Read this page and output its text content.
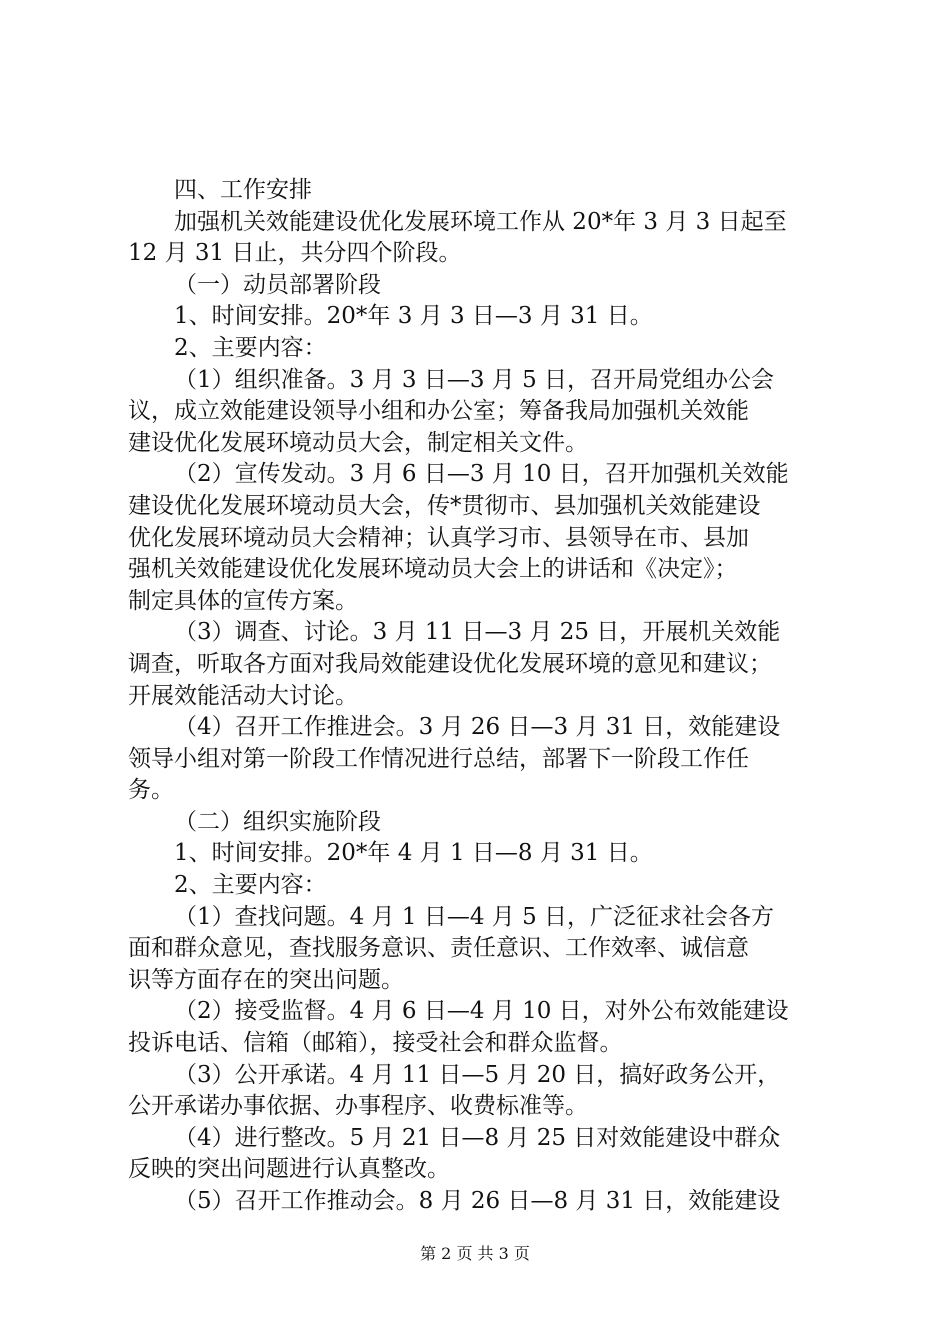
四、工作安排
加强机关效能建设优化发展环境工作从 20*年 3 月 3 日起至
12 月 31 日止，共分四个阶段。
（一）动员部署阶段
1、时间安排。20*年 3 月 3 日—3 月 31 日。
2、主要内容：
（1）组织准备。3 月 3 日—3 月 5 日，召开局党组办公会
议，成立效能建设领导小组和办公室；筹备我局加强机关效能
建设优化发展环境动员大会，制定相关文件。
（2）宣传发动。3 月 6 日—3 月 10 日，召开加强机关效能
建设优化发展环境动员大会，传*贯彻市、县加强机关效能建设
优化发展环境动员大会精神；认真学习市、县领导在市、县加
强机关效能建设优化发展环境动员大会上的讲话和《决定》；
制定具体的宣传方案。
（3）调查、讨论。3 月 11 日—3 月 25 日，开展机关效能
调查，听取各方面对我局效能建设优化发展环境的意见和建议；
开展效能活动大讨论。
（4）召开工作推进会。3 月 26 日—3 月 31 日，效能建设
领导小组对第一阶段工作情况进行总结，部署下一阶段工作任
务。
（二）组织实施阶段
1、时间安排。20*年 4 月 1 日—8 月 31 日。
2、主要内容：
（1）查找问题。4 月 1 日—4 月 5 日，广泛征求社会各方
面和群众意见，查找服务意识、责任意识、工作效率、诚信意
识等方面存在的突出问题。
（2）接受监督。4 月 6 日—4 月 10 日，对外公布效能建设
投诉电话、信箱（邮箱），接受社会和群众监督。
（3）公开承诺。4 月 11 日—5 月 20 日，搞好政务公开，
公开承诺办事依据、办事程序、收费标准等。
（4）进行整改。5 月 21 日—8 月 25 日对效能建设中群众
反映的突出问题进行认真整改。
（5）召开工作推动会。8 月 26 日—8 月 31 日，效能建设
第 2 页 共 3 页
